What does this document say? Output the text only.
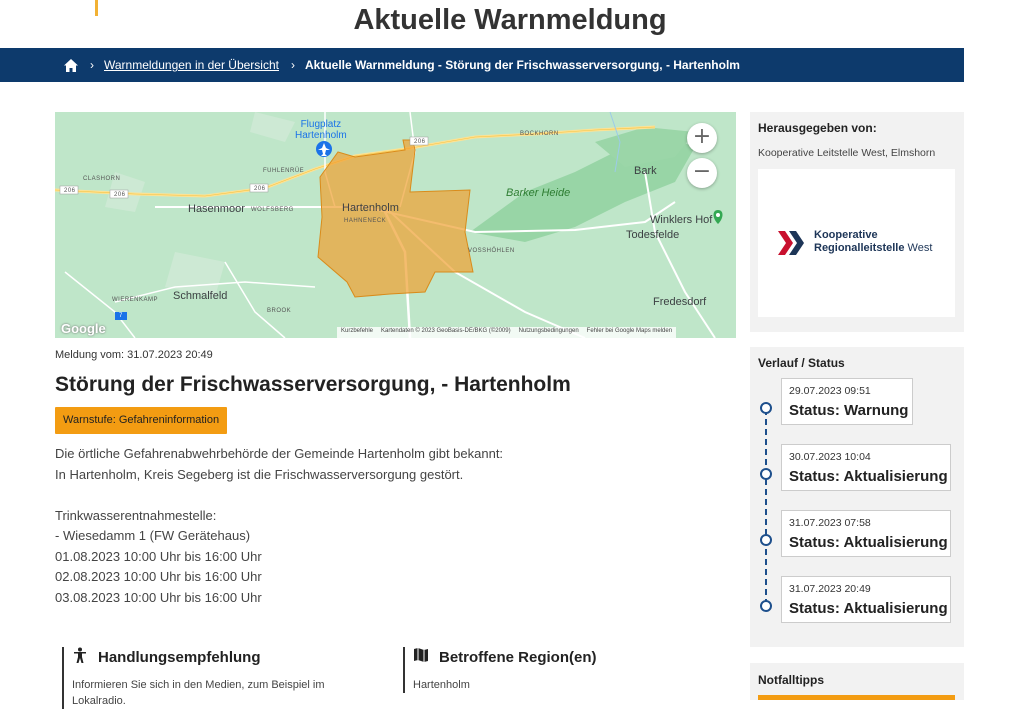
Aktuelle Warnmeldung
› Warnmeldungen in der Übersicht › Aktuelle Warnmeldung - Störung der Frischwasserversorgung, - Hartenholm
Flugplatz
Hartenholm	BOCKHORN
CLASHORN
FUHLENRÜE
Hasenmoor WOLFSBERG	Hartenholm
HAHNENECK
Bark
Barker Heide
Winklers Hof
Todesfelde
VOSSHÖHLEN
WIERENKAMP Schmalfeld
BROOK
Fredesdorf
206
206
206
206
7
+
−
Google	Kurzbefehle Kartendaten © 2023 GeoBasis-DE/BKG (©2009) Nutzungsbedingungen Fehler bei Google Maps melden
Meldung vom: 31.07.2023 20:49
Störung der Frischwasserversorgung, - Hartenholm
Warnstufe: Gefahreninformation

Die örtliche Gefahrenabwehrbehörde der Gemeinde Hartenholm gibt bekannt:

In Hartenholm, Kreis Segeberg ist die Frischwasserversorgung gestört.

Trinkwasserentnahmestelle:

- Wiesedamm 1 (FW Gerätehaus)

01.08.2023 10:00 Uhr bis 16:00 Uhr

02.08.2023 10:00 Uhr bis 16:00 Uhr

03.08.2023 10:00 Uhr bis 16:00 Uhr

Handlungsempfehlung
Informieren Sie sich in den Medien, zum Beispiel im Lokalradio.
Betroffene Region(en)
Hartenholm
Herausgegeben von:
Kooperative Leitstelle West, Elmshorn
Kooperative
Regionalleitstelle West
Verlauf / Status
29.07.2023 09:51
Status: Warnung
30.07.2023 10:04
Status: Aktualisierung
31.07.2023 07:58
Status: Aktualisierung
31.07.2023 20:49
Status: Aktualisierung
Notfalltipps
